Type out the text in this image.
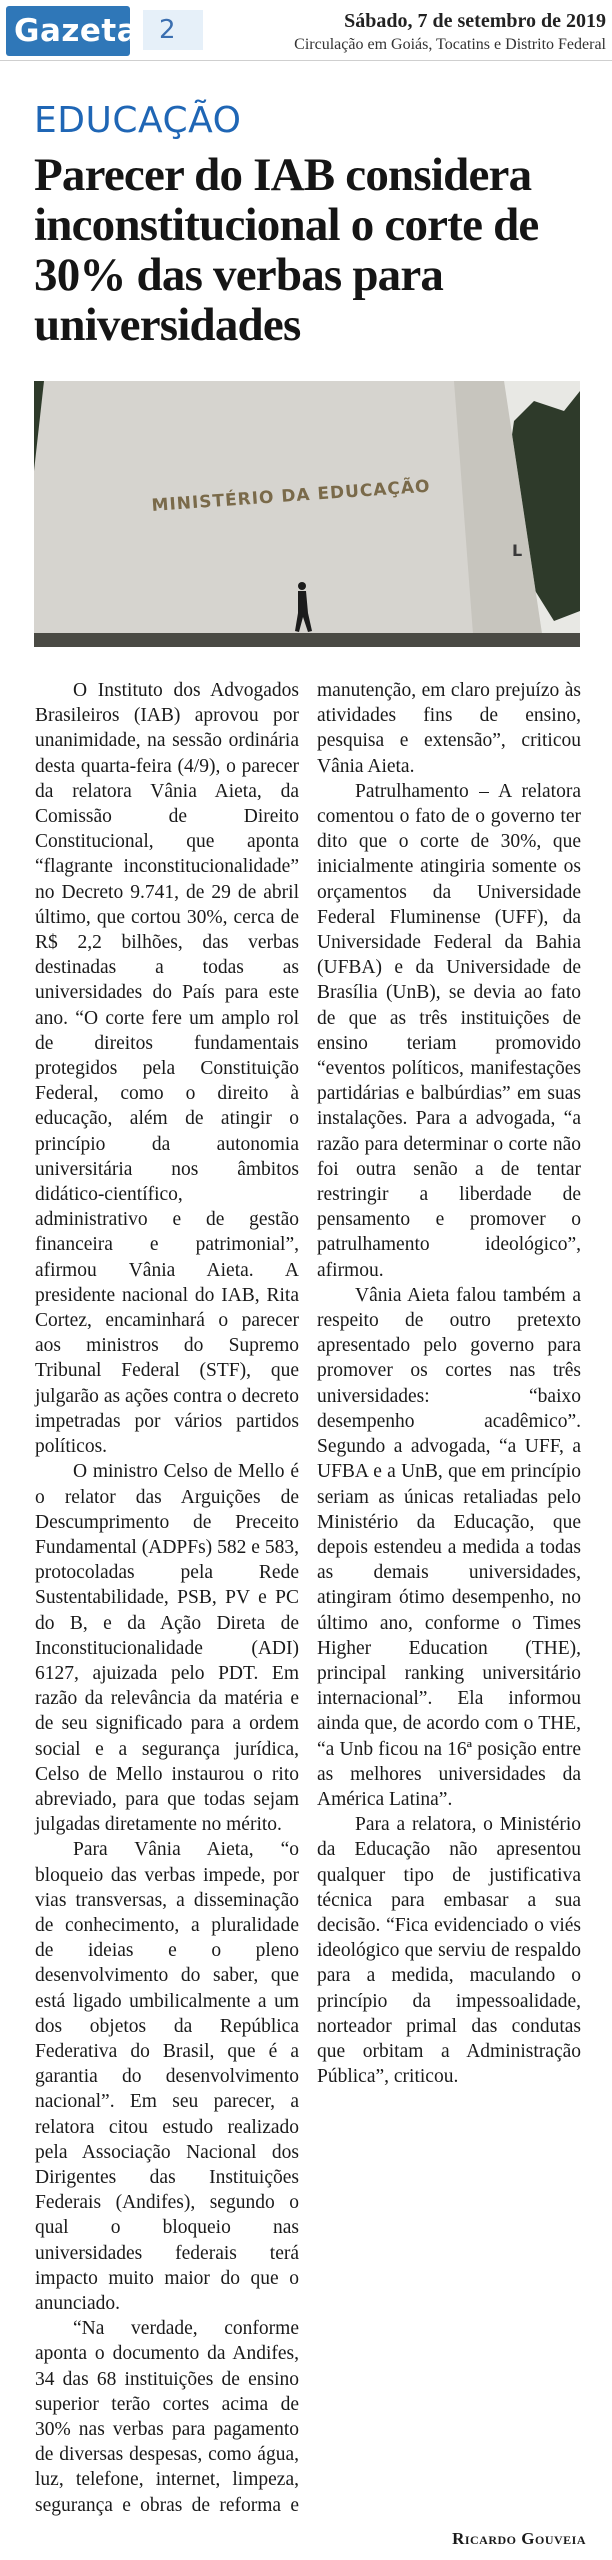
Gazeta 2	Sábado, 7 de setembro de 2019
Circulação em Goiás, Tocatins e Distrito Federal
EDUCAÇÃO
Parecer do IAB considera inconstitucional o corte de 30% das verbas para universidades
MINISTÉRIO DA EDUCAÇÃO
L

O Instituto dos Advogados Brasileiros (IAB) aprovou por unanimidade, na sessão ordinária desta quarta-feira (4/9), o parecer da relatora Vânia Aieta, da Comissão de Direito Constitucional, que aponta “flagrante inconstitucionalidade” no Decreto 9.741, de 29 de abril último, que cortou 30%, cerca de R$ 2,2 bilhões, das verbas destinadas a todas as universidades do País para este ano. “O corte fere um amplo rol de direitos fundamentais protegidos pela Constituição Federal, como o direito à educação, além de atingir o princípio da autonomia universitária nos âmbitos didático-científico, administrativo e de gestão financeira e patrimonial”, afirmou Vânia Aieta. A presidente nacional do IAB, Rita Cortez, encaminhará o parecer aos ministros do Supremo Tribunal Federal (STF), que julgarão as ações contra o decreto impetradas por vários partidos políticos.

O ministro Celso de Mello é o relator das Arguições de Descumprimento de Preceito Fundamental (ADPFs) 582 e 583, protocoladas pela Rede Sustentabilidade, PSB, PV e PC do B, e da Ação Direta de Inconstitucionalidade (ADI) 6127, ajuizada pelo PDT. Em razão da relevância da matéria e de seu significado para a ordem social e a segurança jurídica, Celso de Mello instaurou o rito abreviado, para que todas sejam julgadas diretamente no mérito.

Para Vânia Aieta, “o bloqueio das verbas impede, por vias transversas, a disseminação de conhecimento, a pluralidade de ideias e o pleno desenvolvimento do saber, que está ligado umbilicalmente a um dos objetos da República Federativa do Brasil, que é a garantia do desenvolvimento nacional”. Em seu parecer, a relatora citou estudo realizado pela Associação Nacional dos Dirigentes das Instituições Federais (Andifes), segundo o qual o bloqueio nas universidades federais terá impacto muito maior do que o anunciado.

“Na verdade, conforme aponta o documento da Andifes, 34 das 68 instituições de ensino superior terão cortes acima de 30% nas verbas para pagamento de diversas despesas, como água, luz, telefone, internet, limpeza, segurança e obras de reforma e manutenção, em claro prejuízo às atividades fins de ensino, pesquisa e extensão”, criticou Vânia Aieta.

Patrulhamento – A relatora comentou o fato de o governo ter dito que o corte de 30%, que inicialmente atingiria somente os orçamentos da Universidade Federal Fluminense (UFF), da Universidade Federal da Bahia (UFBA) e da Universidade de Brasília (UnB), se devia ao fato de que as três instituições de ensino teriam promovido “eventos políticos, manifestações partidárias e balbúrdias” em suas instalações. Para a advogada, “a razão para determinar o corte não foi outra senão a de tentar restringir a liberdade de pensamento e promover o patrulhamento ideológico”, afirmou.

Vânia Aieta falou também a respeito de outro pretexto apresentado pelo governo para promover os cortes nas três universidades: “baixo desempenho acadêmico”. Segundo a advogada, “a UFF, a UFBA e a UnB, que em princípio seriam as únicas retaliadas pelo Ministério da Educação, que depois estendeu a medida a todas as demais universidades, atingiram ótimo desempenho, no último ano, conforme o Times Higher Education (THE), principal ranking universitário internacional”. Ela informou ainda que, de acordo com o THE, “a Unb ficou na 16ª posição entre as melhores universidades da América Latina”.

Para a relatora, o Ministério da Educação não apresentou qualquer tipo de justificativa técnica para embasar a sua decisão. “Fica evidenciado o viés ideológico que serviu de respaldo para a medida, maculando o princípio da impessoalidade, norteador primal das condutas que orbitam a Administração Pública”, criticou.

Ricardo Gouveia
